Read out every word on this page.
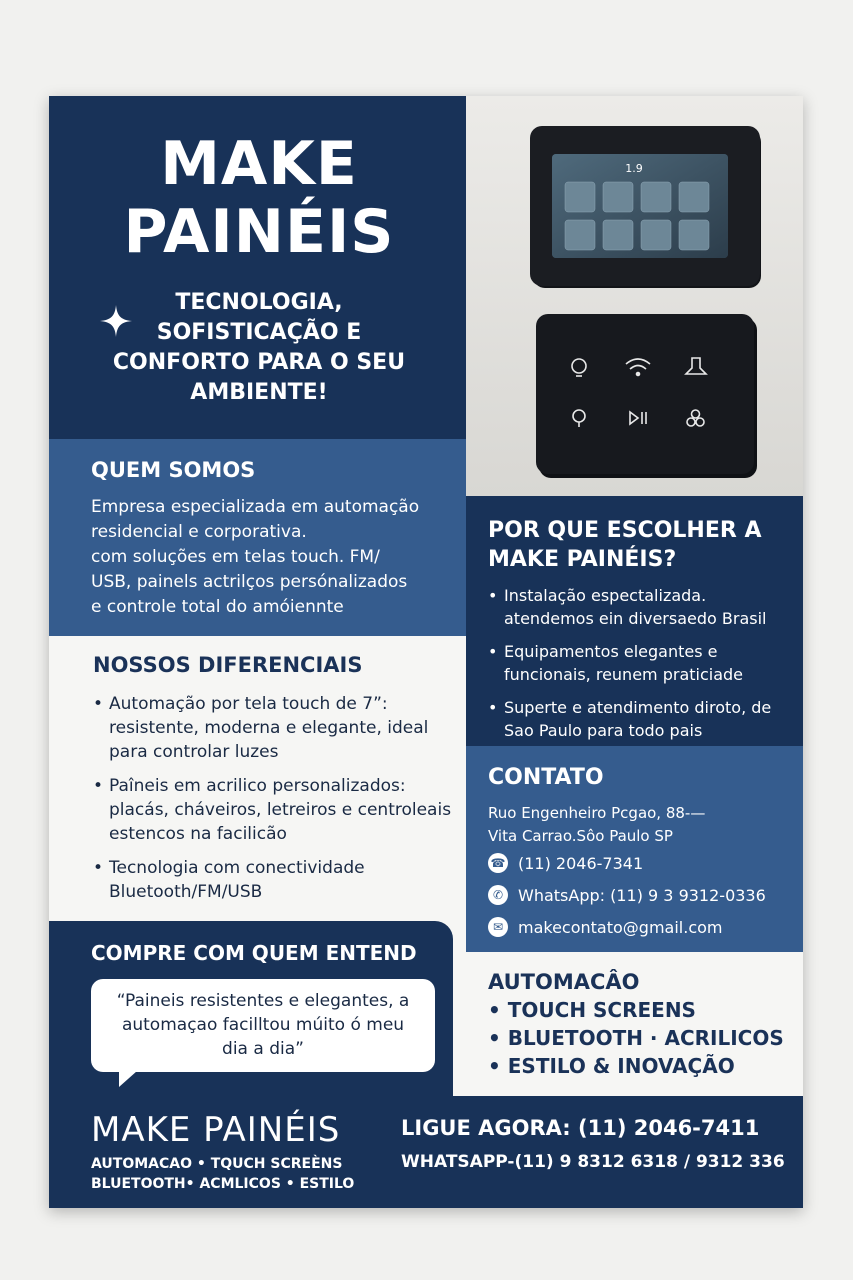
MAKE
PAINÉIS
TECNOLOGIA, SOFISTICAÇÃO E CONFORTO PARA O SEU AMBIENTE!
1.9
QUEM SOMOS
Empresa especializada em automação
residencial e corporativa.
com soluções em telas touch. FM/
USB, painels actrilços persónalizados
e controle total do amóiennte
NOSSOS DIFERENCIAIS
• Automação por tela touch de 7”: resistente, moderna e elegante, ideal para controlar luzes
• Paîneis em acrilico personalizados: placás, cháveiros, letreiros e centroleais estencos na facilicão
• Tecnologia com conectividade Bluetooth/FM/USB
COMPRE COM QUEM ENTEND
“Paineis resistentes e elegantes, a automaçao facilltou múito ó meu dia a dia”
POR QUE ESCOLHER A MAKE PAINÉIS?
• Instalação espectalizada. atendemos ein diversaedo Brasil
• Equipamentos elegantes e funcionais, reunem praticiade
• Superte e atendimento diroto, de Sao Paulo para todo pais
CONTATO
Ruo Engenheiro Pcgao, 88-—
Vita Carrao.Sôo Paulo SP
☎ (11) 2046-7341
✆ WhatsApp: (11) 9 3 9312-0336
✉ makecontato@gmail.com
AUTOMACÂO
• TOUCH SCREENS
• BLUETOOTH · ACRILICOS
• ESTILO & INOVAÇÃO
MAKE PAINÉIS
AUTOMACAO • TQUCH SCREÈNS
BLUETOOTH• ACMLICOS • ESTILO
LIGUE AGORA: (11) 2046-7411
WHATSAPP-(11) 9 8312 6318 / 9312 336
